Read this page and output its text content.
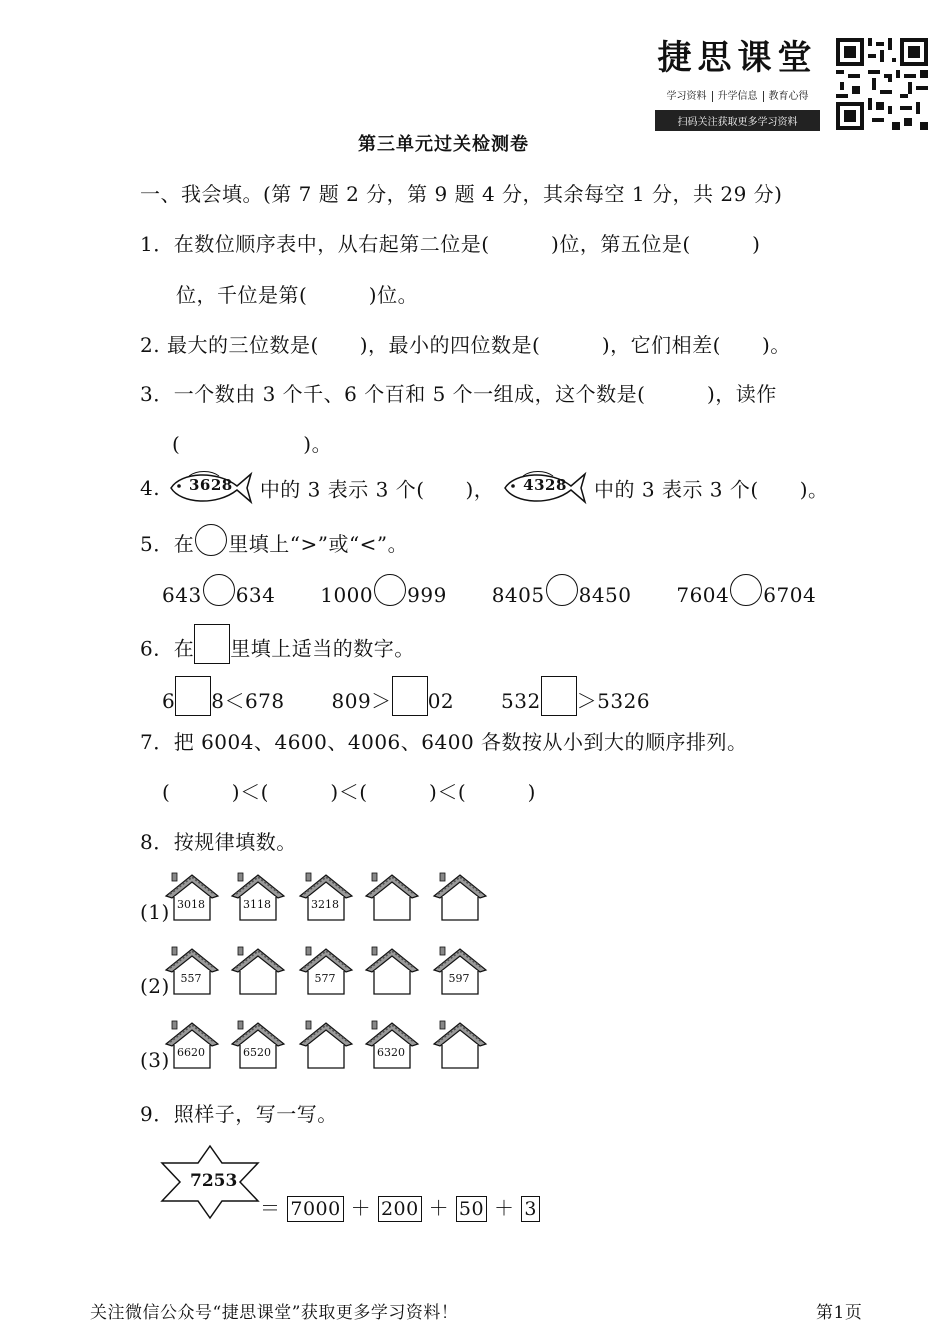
捷思课堂
学习资料 升学信息 教育心得
扫码关注获取更多学习资料
第三单元过关检测卷
一、我会填。(第 7 题 2 分，第 9 题 4 分，其余每空 1 分，共 29 分)
1．在数位顺序表中，从右起第二位是(　　　)位，第五位是(　　　)
位，千位是第(　　　)位。
2. 最大的三位数是(　　)，最小的四位数是(　　　)，它们相差(　　)。
3．一个数由 3 个千、6 个百和 5 个一组成，这个数是(　　　)，读作
(　　　　　　)。
4. 3628 中的 3 表示 3 个(　　)， 4328 中的 3 表示 3 个(　　)。
5．在 里填上“>”或“<”。
643 634 1000 999 8405 8450 7604 6704
6．在 里填上适当的数字。
6 8＜678 809＞ 02 532 ＞5326
7．把 6004、4600、4006、6400 各数按从小到大的顺序排列。
(　　　)＜(　　　)＜(　　　)＜(　　　)
8．按规律填数。
(1) 3018	3118	3218
(2) 557	577	597
(3) 6620	6520	6320
9．照样子，写一写。
7253
＝ 7000 ＋ 200 ＋ 50 ＋ 3
关注微信公众号“捷思课堂”获取更多学习资料！	第1页
